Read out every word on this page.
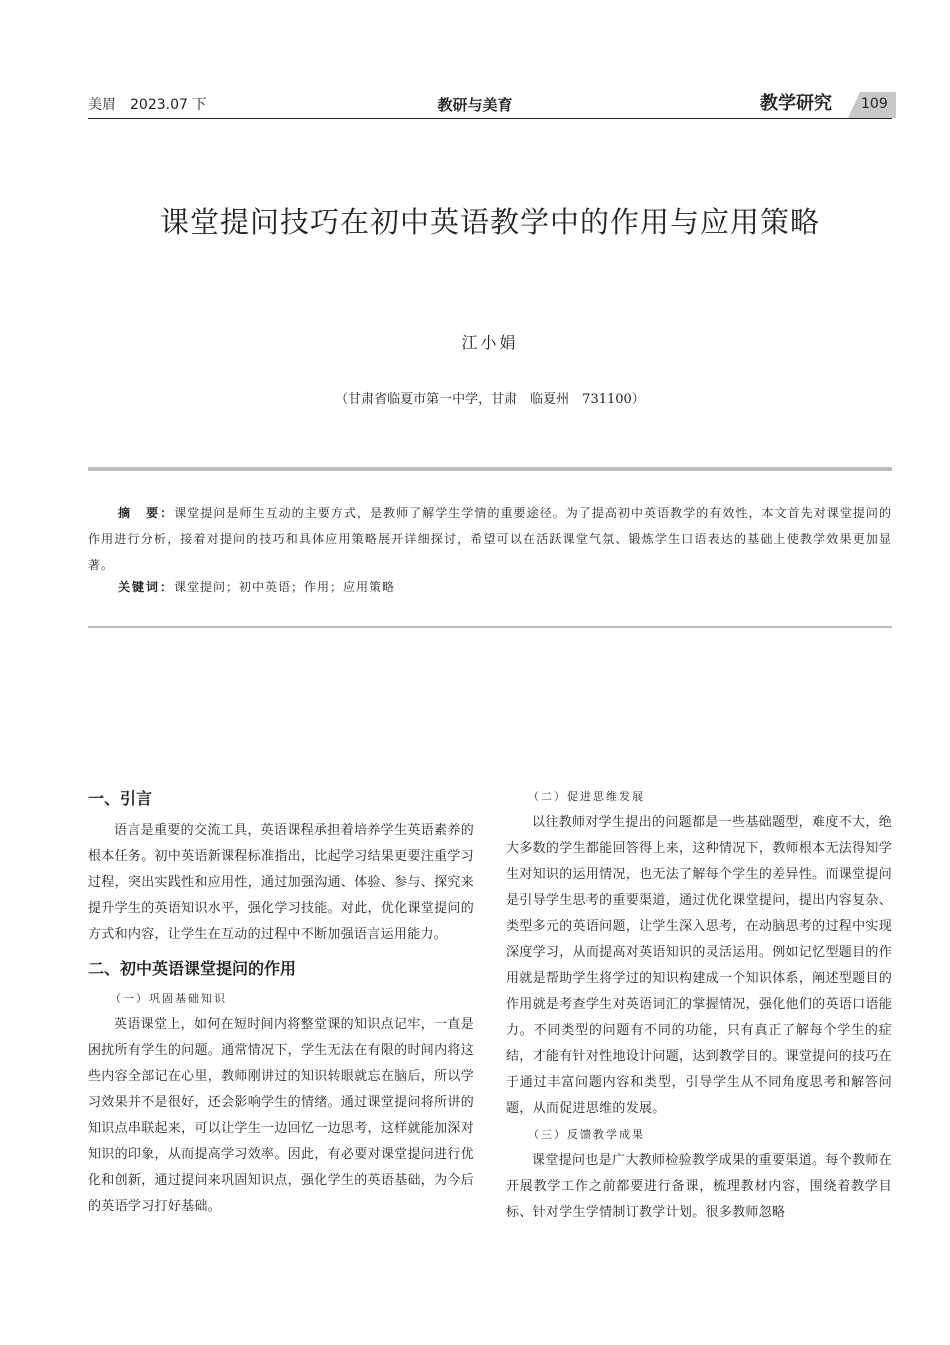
美眉 2023.07 下	教研与美育	教学研究 109
课堂提问技巧在初中英语教学中的作用与应用策略
江小娟
（甘肃省临夏市第一中学，甘肃　临夏州　731100）

摘　要：课堂提问是师生互动的主要方式，是教师了解学生学情的重要途径。为了提高初中英语教学的有效性，本文首先对课堂提问的作用进行分析，接着对提问的技巧和具体应用策略展开详细探讨，希望可以在活跃课堂气氛、锻炼学生口语表达的基础上使教学效果更加显著。

关键词：课堂提问；初中英语；作用；应用策略
一、引言

语言是重要的交流工具，英语课程承担着培养学生英语素养的根本任务。初中英语新课程标准指出，比起学习结果更要注重学习过程，突出实践性和应用性，通过加强沟通、体验、参与、探究来提升学生的英语知识水平，强化学习技能。对此，优化课堂提问的方式和内容，让学生在互动的过程中不断加强语言运用能力。

二、初中英语课堂提问的作用

（一）巩固基础知识

英语课堂上，如何在短时间内将整堂课的知识点记牢，一直是困扰所有学生的问题。通常情况下，学生无法在有限的时间内将这些内容全部记在心里，教师刚讲过的知识转眼就忘在脑后，所以学习效果并不是很好，还会影响学生的情绪。通过课堂提问将所讲的知识点串联起来，可以让学生一边回忆一边思考，这样就能加深对知识的印象，从而提高学习效率。因此，有必要对课堂提问进行优化和创新，通过提问来巩固知识点，强化学生的英语基础，为今后的英语学习打好基础。

（二）促进思维发展

以往教师对学生提出的问题都是一些基础题型，难度不大，绝大多数的学生都能回答得上来，这种情况下，教师根本无法得知学生对知识的运用情况，也无法了解每个学生的差异性。而课堂提问是引导学生思考的重要渠道，通过优化课堂提问，提出内容复杂、类型多元的英语问题，让学生深入思考，在动脑思考的过程中实现深度学习，从而提高对英语知识的灵活运用。例如记忆型题目的作用就是帮助学生将学过的知识构建成一个知识体系，阐述型题目的作用就是考查学生对英语词汇的掌握情况，强化他们的英语口语能力。不同类型的问题有不同的功能，只有真正了解每个学生的症结，才能有针对性地设计问题，达到教学目的。课堂提问的技巧在于通过丰富问题内容和类型，引导学生从不同角度思考和解答问题，从而促进思维的发展。

（三）反馈教学成果

课堂提问也是广大教师检验教学成果的重要渠道。每个教师在开展教学工作之前都要进行备课，梳理教材内容，围绕着教学目标、针对学生学情制订教学计划。很多教师忽略
